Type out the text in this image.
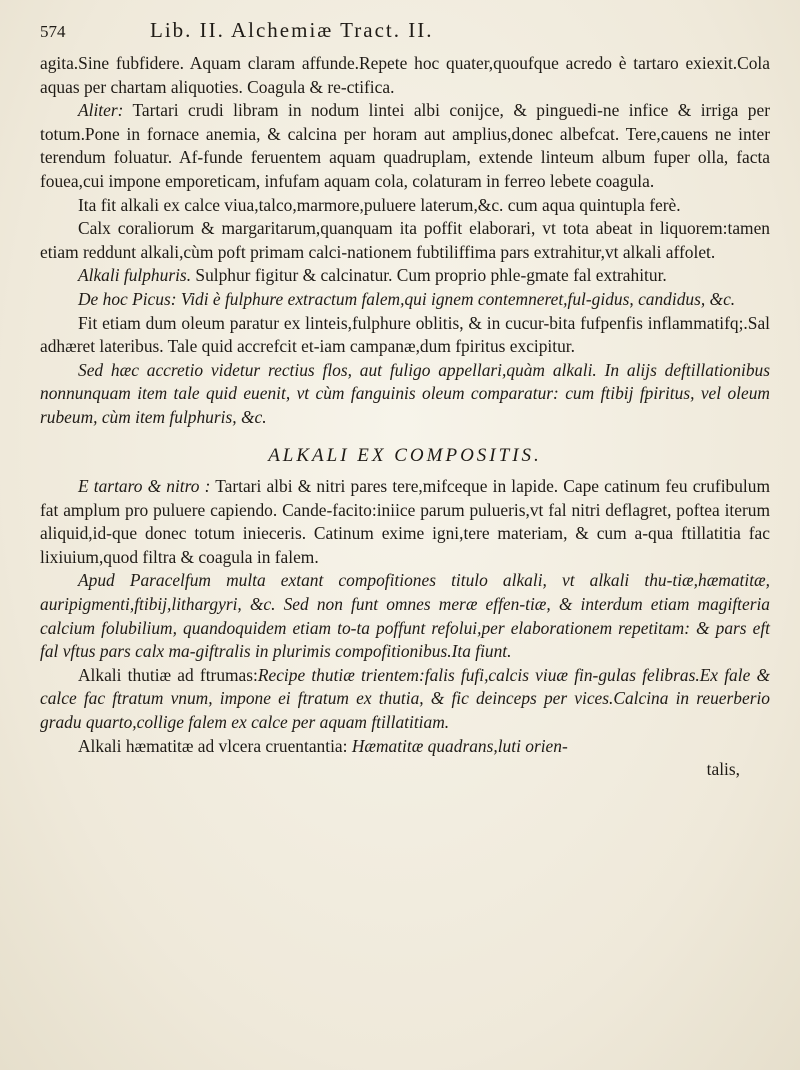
574	Lib. II. Alchemiæ Tract. II.

agita.Sine fubfidere. Aquam claram affunde.Repete hoc quater,quoufque acredo è tartaro exiexit.Cola aquas per chartam aliquoties. Coagula & re-ctifica.

Aliter: Tartari crudi libram in nodum lintei albi conijce, & pinguedi-ne infice & irriga per totum.Pone in fornace anemia, & calcina per horam aut amplius,donec albefcat. Tere,cauens ne inter terendum foluatur. Af-funde feruentem aquam quadruplam, extende linteum album fuper olla, facta fouea,cui impone emporeticam, infufam aquam cola, colaturam in ferreo lebete coagula.

Ita fit alkali ex calce viua,talco,marmore,puluere laterum,&c. cum aqua quintupla ferè.

Calx coraliorum & margaritarum,quanquam ita poffit elaborari, vt tota abeat in liquorem:tamen etiam reddunt alkali,cùm poft primam calci-nationem fubtiliffima pars extrahitur,vt alkali affolet.

Alkali fulphuris. Sulphur figitur & calcinatur. Cum proprio phle-gmate fal extrahitur.

De hoc Picus: Vidi è fulphure extractum falem,qui ignem contemneret,ful-gidus, candidus, &c.

Fit etiam dum oleum paratur ex linteis,fulphure oblitis, & in cucur-bita fufpenfis inflammatifq;.Sal adhæret lateribus. Tale quid accrefcit et-iam campanæ,dum fpiritus excipitur.

Sed hæc accretio videtur rectius flos, aut fuligo appellari,quàm alkali. In alijs deftillationibus nonnunquam item tale quid euenit, vt cùm fanguinis oleum comparatur: cum ftibij fpiritus, vel oleum rubeum, cùm item fulphuris, &c.

ALKALI EX COMPOSITIS.

E tartaro & nitro : Tartari albi & nitri pares tere,mifceque in lapide. Cape catinum feu crufibulum fat amplum pro puluere capiendo. Cande-facito:iniice parum pulueris,vt fal nitri deflagret, poftea iterum aliquid,id-que donec totum inieceris. Catinum exime igni,tere materiam, & cum a-qua ftillatitia fac lixiuium,quod filtra & coagula in falem.

Apud Paracelfum multa extant compofitiones titulo alkali, vt alkali thu-tiæ,hæmatitæ, auripigmenti,ftibij,lithargyri, &c. Sed non funt omnes meræ effen-tiæ, & interdum etiam magifteria calcium folubilium, quandoquidem etiam to-ta poffunt refolui,per elaborationem repetitam: & pars eft fal vftus pars calx ma-giftralis in plurimis compofitionibus.Ita fiunt.

Alkali thutiæ ad ftrumas:Recipe thutiæ trientem:falis fufi,calcis viuæ fin-gulas felibras.Ex fale & calce fac ftratum vnum, impone ei ftratum ex thutia, & fic deinceps per vices.Calcina in reuerberio gradu quarto,collige falem ex calce per aquam ftillatitiam.

Alkali hæmatitæ ad vlcera cruentantia: Hæmatitæ quadrans,luti orien-

talis,
